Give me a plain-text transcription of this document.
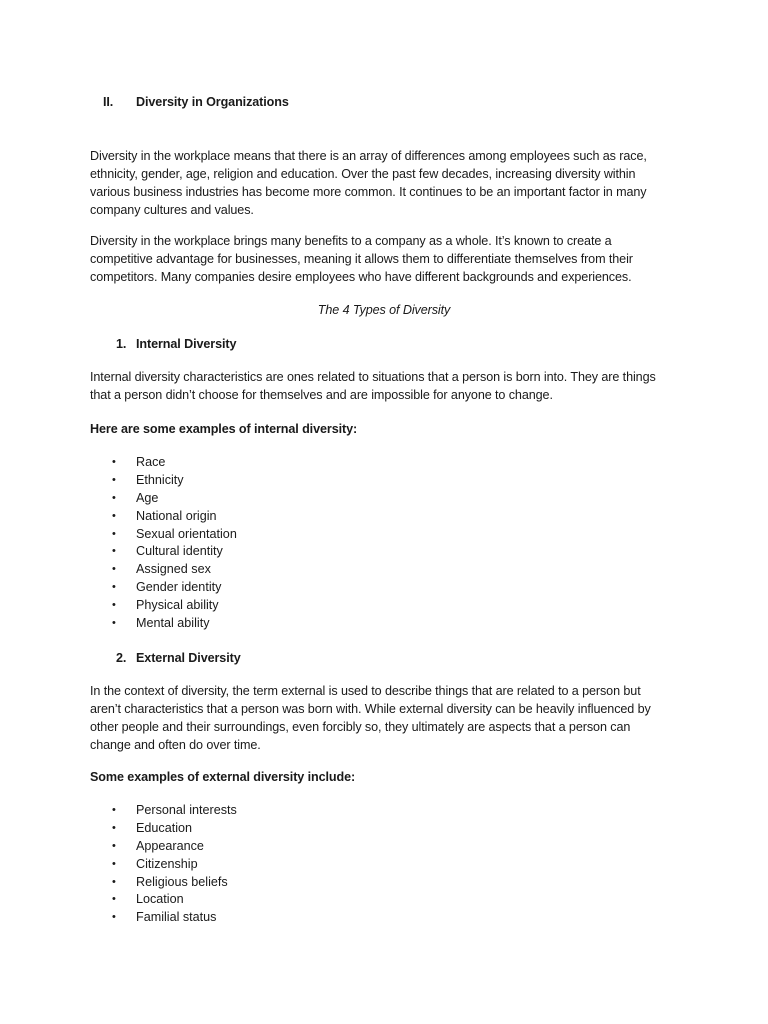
II. Diversity in Organizations
Diversity in the workplace means that there is an array of differences among employees such as race,
ethnicity, gender, age, religion and education. Over the past few decades, increasing diversity within
various business industries has become more common. It continues to be an important factor in many
company cultures and values.
Diversity in the workplace brings many benefits to a company as a whole. It’s known to create a
competitive advantage for businesses, meaning it allows them to differentiate themselves from their
competitors. Many companies desire employees who have different backgrounds and experiences.
The 4 Types of Diversity
1. Internal Diversity
Internal diversity characteristics are ones related to situations that a person is born into. They are things
that a person didn’t choose for themselves and are impossible for anyone to change.
Here are some examples of internal diversity:
• Race
• Ethnicity
• Age
• National origin
• Sexual orientation
• Cultural identity
• Assigned sex
• Gender identity
• Physical ability
• Mental ability
2. External Diversity
In the context of diversity, the term external is used to describe things that are related to a person but
aren’t characteristics that a person was born with. While external diversity can be heavily influenced by
other people and their surroundings, even forcibly so, they ultimately are aspects that a person can
change and often do over time.
Some examples of external diversity include:
• Personal interests
• Education
• Appearance
• Citizenship
• Religious beliefs
• Location
• Familial status
